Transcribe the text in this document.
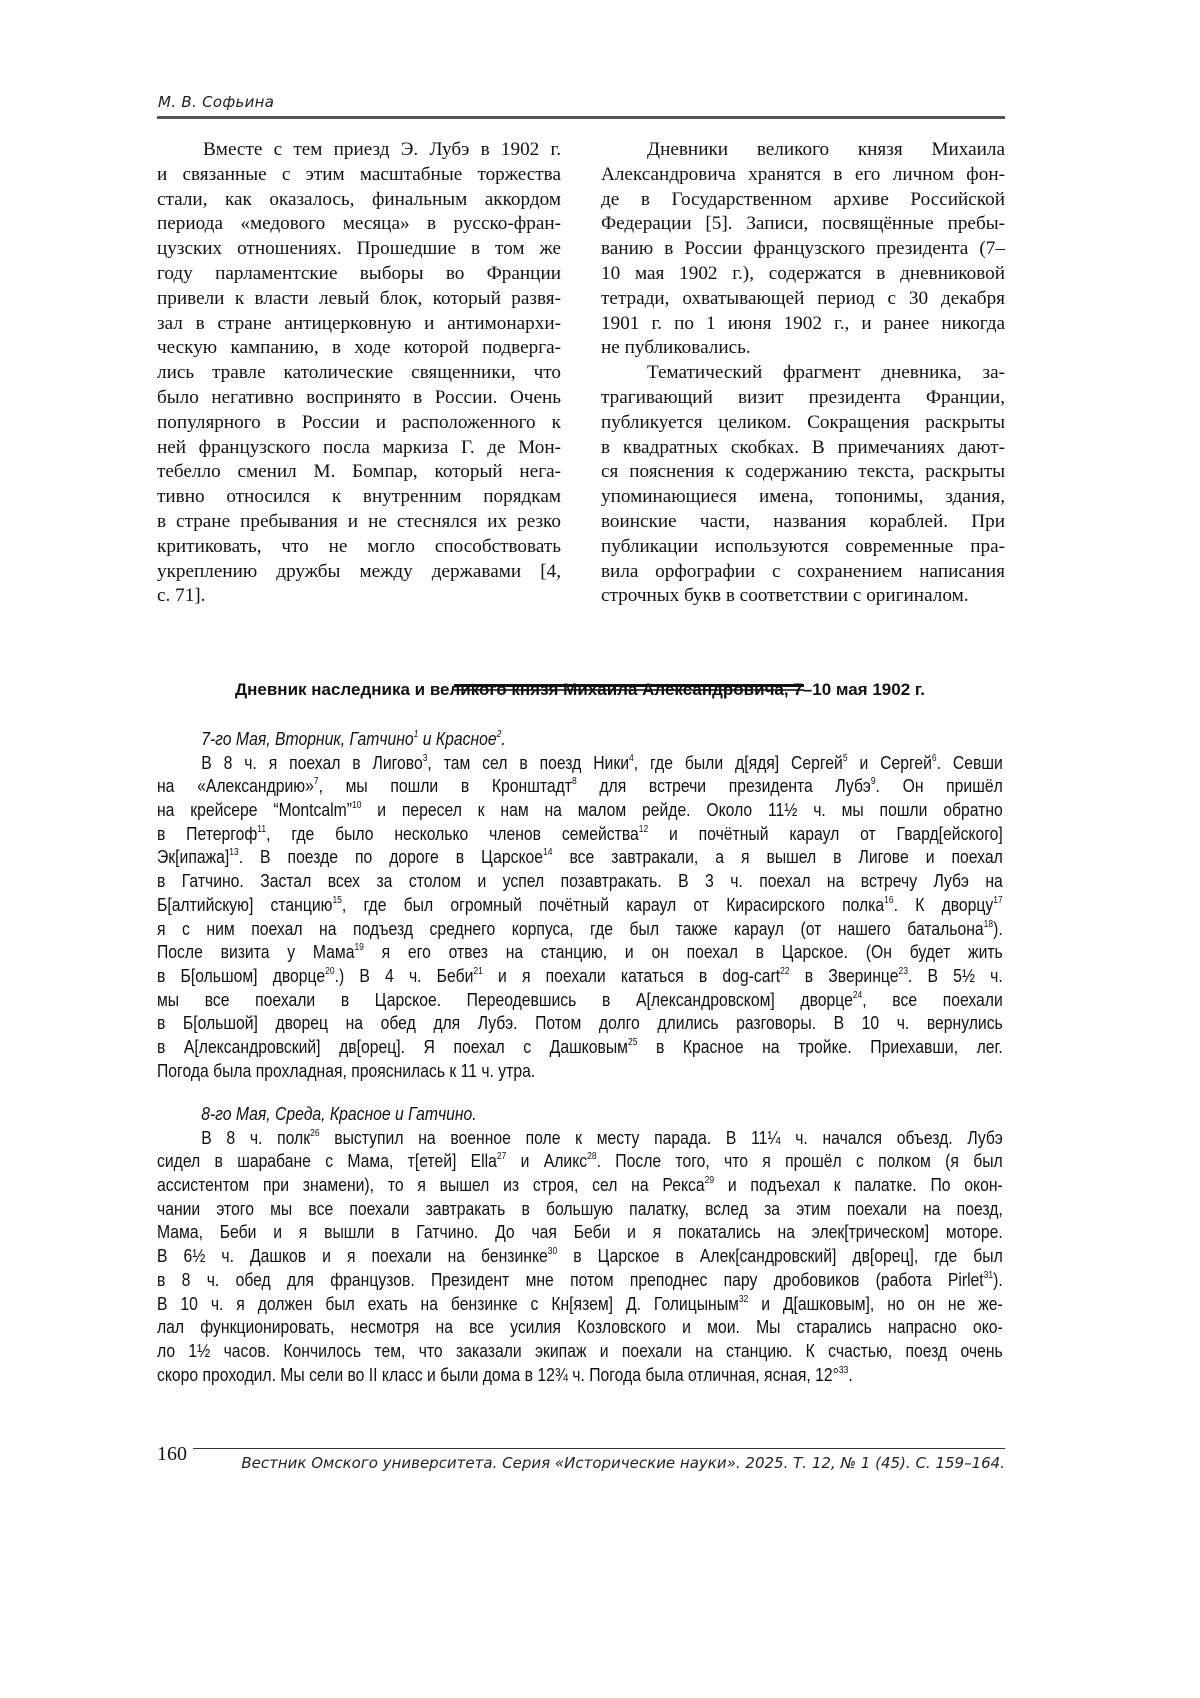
М. В. Софьина
Вместе с тем приезд Э. Лубэ в 1902 г.
и связанные с этим масштабные торжества
стали, как оказалось, финальным аккордом
периода «медового месяца» в русско-фран-
цузских отношениях. Прошедшие в том же
году парламентские выборы во Франции
привели к власти левый блок, который развя-
зал в стране антицерковную и антимонархи-
ческую кампанию, в ходе которой подверга-
лись травле католические священники, что
было негативно воспринято в России. Очень
популярного в России и расположенного к
ней французского посла маркиза Г. де Мон-
тебелло сменил М. Бомпар, который нега-
тивно относился к внутренним порядкам
в стране пребывания и не стеснялся их резко
критиковать, что не могло способствовать
укреплению дружбы между державами [4,
с. 71].
Дневники великого князя Михаила
Александровича хранятся в его личном фон-
де в Государственном архиве Российской
Федерации [5]. Записи, посвящённые пребы-
ванию в России французского президента (7–
10 мая 1902 г.), содержатся в дневниковой
тетради, охватывающей период с 30 декабря
1901 г. по 1 июня 1902 г., и ранее никогда
не публиковались.
Тематический фрагмент дневника, за-
трагивающий визит президента Франции,
публикуется целиком. Сокращения раскрыты
в квадратных скобках. В примечаниях дают-
ся пояснения к содержанию текста, раскрыты
упоминающиеся имена, топонимы, здания,
воинские части, названия кораблей. При
публикации используются современные пра-
вила орфографии с сохранением написания
строчных букв в соответствии с оригиналом.
Дневник наследника и великого князя Михаила Александровича, 7–10 мая 1902 г.
7-го Мая, Вторник, Гатчино$^1$ и Красное$^2$.
В 8 ч. я поехал в Лигово$^3$, там сел в поезд Ники$^4$, где были д[ядя] Сергей$^5$ и Сергей$^6$. Севши
на «Александрию»$^7$, мы пошли в Кронштадт$^8$ для встречи президента Лубэ$^9$. Он пришёл
на крейсере “Montcalm”$^{10}$ и пересел к нам на малом рейде. Около 11½ ч. мы пошли обратно
в Петергоф$^{11}$, где было несколько членов семейства$^{12}$ и почётный караул от Гвард[ейского]
Эк[ипажа]$^{13}$. В поезде по дороге в Царское$^{14}$ все завтракали, а я вышел в Лигове и поехал
в Гатчино. Застал всех за столом и успел позавтракать. В 3 ч. поехал на встречу Лубэ на
Б[алтийскую] станцию$^{15}$, где был огромный почётный караул от Кирасирского полка$^{16}$. К дворцу$^{17}$
я с ним поехал на подъезд среднего корпуса, где был также караул (от нашего батальона$^{18}$).
После визита у Мама$^{19}$ я его отвез на станцию, и он поехал в Царское. (Он будет жить
в Б[ольшом] дворце$^{20}$.) В 4 ч. Беби$^{21}$ и я поехали кататься в dog-cart$^{22}$ в Зверинце$^{23}$. В 5½ ч.
мы все поехали в Царское. Переодевшись в А[лександровском] дворце$^{24}$, все поехали
в Б[ольшой] дворец на обед для Лубэ. Потом долго длились разговоры. В 10 ч. вернулись
в А[лександровский] дв[орец]. Я поехал с Дашковым$^{25}$ в Красное на тройке. Приехавши, лег.
Погода была прохладная, прояснилась к 11 ч. утра.
8-го Мая, Среда, Красное и Гатчино.
В 8 ч. полк$^{26}$ выступил на военное поле к месту парада. В 11¼ ч. начался объезд. Лубэ
сидел в шарабане с Мама, т[етей] Ella$^{27}$ и Аликс$^{28}$. После того, что я прошёл с полком (я был
ассистентом при знамени), то я вышел из строя, сел на Рекса$^{29}$ и подъехал к палатке. По окон-
чании этого мы все поехали завтракать в большую палатку, вслед за этим поехали на поезд,
Мама, Беби и я вышли в Гатчино. До чая Беби и я покатались на элек[трическом] моторе.
В 6½ ч. Дашков и я поехали на бензинке$^{30}$ в Царское в Алек[сандровский] дв[орец], где был
в 8 ч. обед для французов. Президент мне потом преподнес пару дробовиков (работа Pirlet$^{31}$).
В 10 ч. я должен был ехать на бензинке с Кн[язем] Д. Голицыным$^{32}$ и Д[ашковым], но он не же-
лал функционировать, несмотря на все усилия Козловского и мои. Мы старались напрасно око-
ло 1½ часов. Кончилось тем, что заказали экипаж и поехали на станцию. К счастью, поезд очень
скоро проходил. Мы сели во II класс и были дома в 12¾ ч. Погода была отличная, ясная, 12°$^{33}$.
160	Вестник Омского университета. Серия «Исторические науки». 2025. Т. 12, № 1 (45). С. 159–164.
